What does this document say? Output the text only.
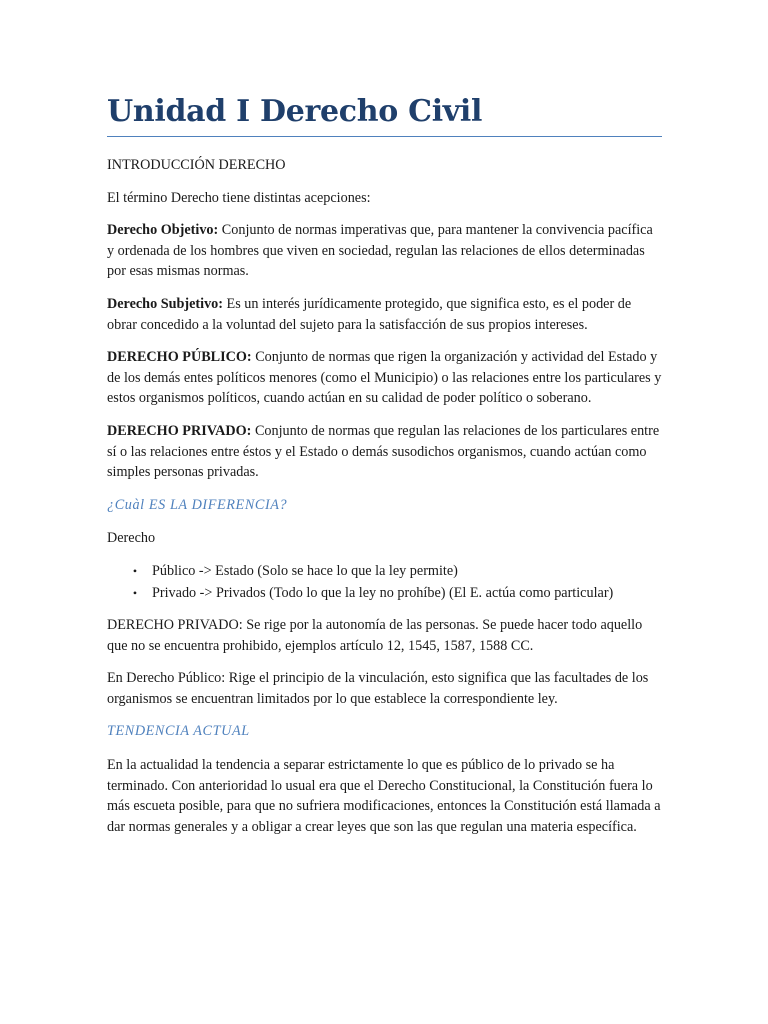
Unidad I Derecho Civil

INTRODUCCIÓN DERECHO

El término Derecho tiene distintas acepciones:

Derecho Objetivo: Conjunto de normas imperativas que, para mantener la convivencia pacífica y ordenada de los hombres que viven en sociedad, regulan las relaciones de ellos determinadas por esas mismas normas.

Derecho Subjetivo: Es un interés jurídicamente protegido, que significa esto, es el poder de obrar concedido a la voluntad del sujeto para la satisfacción de sus propios intereses.

DERECHO PÚBLICO: Conjunto de normas que rigen la organización y actividad del Estado y de los demás entes políticos menores (como el Municipio) o las relaciones entre los particulares y estos organismos políticos, cuando actúan en su calidad de poder político o soberano.

DERECHO PRIVADO: Conjunto de normas que regulan las relaciones de los particulares entre sí o las relaciones entre éstos y el Estado o demás susodichos organismos, cuando actúan como simples personas privadas.

¿Cuàl ES LA DIFERENCIA?

Derecho

• Público -> Estado (Solo se hace lo que la ley permite)
• Privado -> Privados (Todo lo que la ley no prohíbe) (El E. actúa como particular)

DERECHO PRIVADO: Se rige por la autonomía de las personas. Se puede hacer todo aquello que no se encuentra prohibido, ejemplos artículo 12, 1545, 1587, 1588 CC.

En Derecho Público: Rige el principio de la vinculación, esto significa que las facultades de los organismos se encuentran limitados por lo que establece la correspondiente ley.

TENDENCIA ACTUAL

En la actualidad la tendencia a separar estrictamente lo que es público de lo privado se ha terminado. Con anterioridad lo usual era que el Derecho Constitucional, la Constitución fuera lo más escueta posible, para que no sufriera modificaciones, entonces la Constitución está llamada a dar normas generales y a obligar a crear leyes que son las que regulan una materia específica.
